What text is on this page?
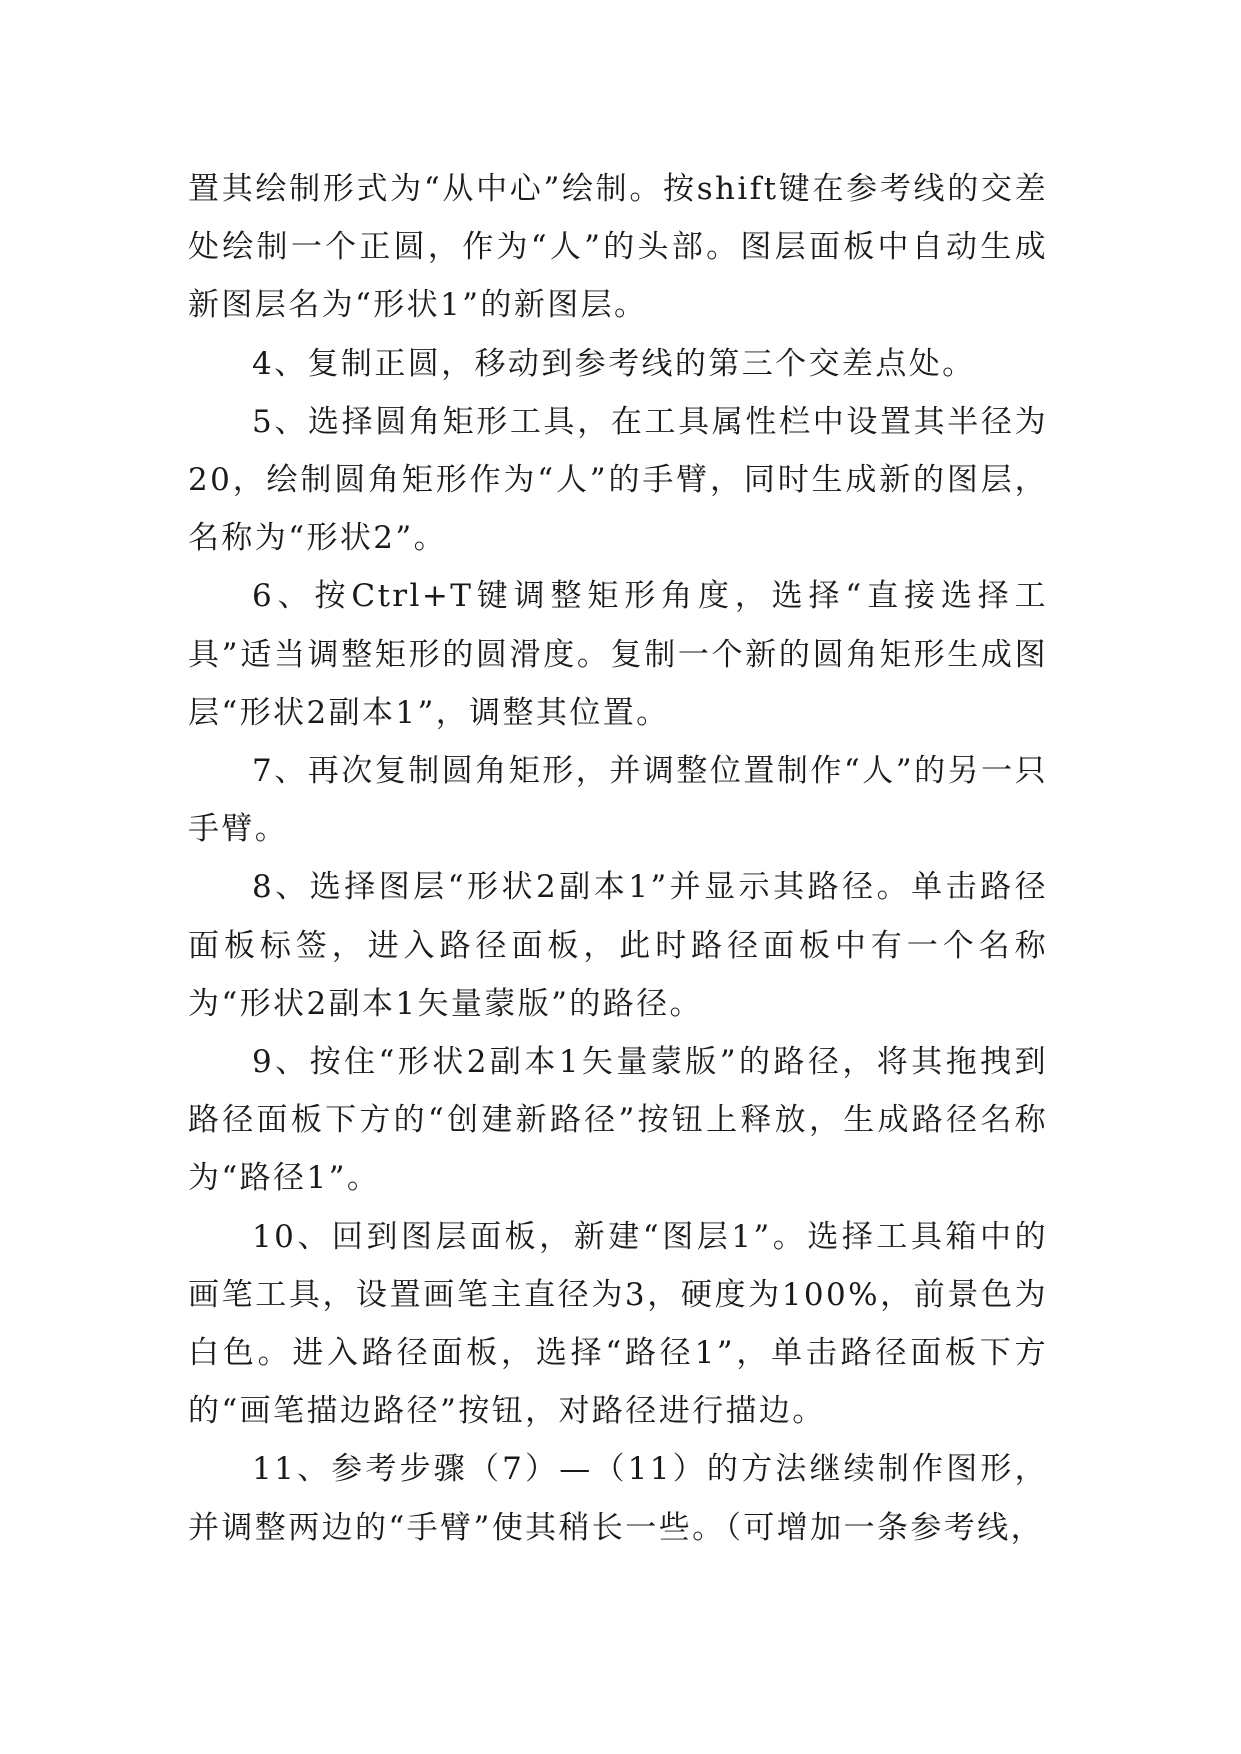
置其绘制形式为“从中心”绘制。按shift键在参考线的交差处绘制一个正圆，作为“人”的头部。图层面板中自动生成新图层名为“形状1”的新图层。

4、复制正圆，移动到参考线的第三个交差点处。

5、选择圆角矩形工具，在工具属性栏中设置其半径为20，绘制圆角矩形作为“人”的手臂，同时生成新的图层，名称为“形状2”。

6、按Ctrl+T键调整矩形角度，选择“直接选择工具”适当调整矩形的圆滑度。复制一个新的圆角矩形生成图层“形状2副本1”，调整其位置。

7、再次复制圆角矩形，并调整位置制作“人”的另一只手臂。

8、选择图层“形状2副本1”并显示其路径。单击路径面板标签，进入路径面板，此时路径面板中有一个名称为“形状2副本1矢量蒙版”的路径。

9、按住“形状2副本1矢量蒙版”的路径，将其拖拽到路径面板下方的“创建新路径”按钮上释放，生成路径名称为“路径1”。

10、回到图层面板，新建“图层1”。选择工具箱中的画笔工具，设置画笔主直径为3，硬度为100%，前景色为白色。进入路径面板，选择“路径1”，单击路径面板下方的“画笔描边路径”按钮，对路径进行描边。

11、参考步骤（7）—（11）的方法继续制作图形，并调整两边的“手臂”使其稍长一些。（可增加一条参考线，
